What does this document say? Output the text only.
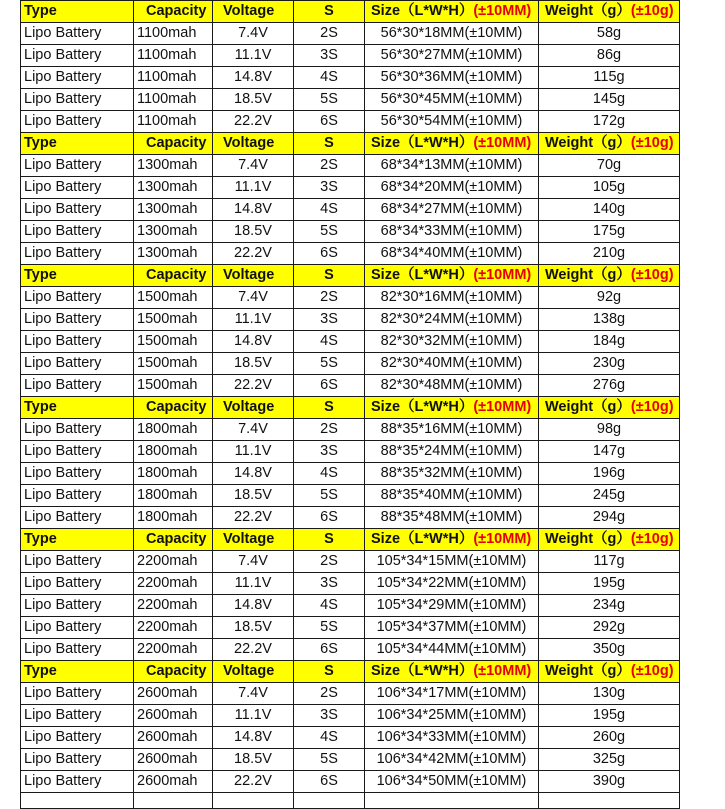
Type	Capacity	Voltage	S	Size（L*W*H）(±10MM)	Weight（g）(±10g)
Lipo Battery	1100mah	7.4V	2S	56*30*18MM(±10MM)	58g
Lipo Battery	1100mah	11.1V	3S	56*30*27MM(±10MM)	86g
Lipo Battery	1100mah	14.8V	4S	56*30*36MM(±10MM)	115g
Lipo Battery	1100mah	18.5V	5S	56*30*45MM(±10MM)	145g
Lipo Battery	1100mah	22.2V	6S	56*30*54MM(±10MM)	172g
Type	Capacity	Voltage	S	Size（L*W*H）(±10MM)	Weight（g）(±10g)
Lipo Battery	1300mah	7.4V	2S	68*34*13MM(±10MM)	70g
Lipo Battery	1300mah	11.1V	3S	68*34*20MM(±10MM)	105g
Lipo Battery	1300mah	14.8V	4S	68*34*27MM(±10MM)	140g
Lipo Battery	1300mah	18.5V	5S	68*34*33MM(±10MM)	175g
Lipo Battery	1300mah	22.2V	6S	68*34*40MM(±10MM)	210g
Type	Capacity	Voltage	S	Size（L*W*H）(±10MM)	Weight（g）(±10g)
Lipo Battery	1500mah	7.4V	2S	82*30*16MM(±10MM)	92g
Lipo Battery	1500mah	11.1V	3S	82*30*24MM(±10MM)	138g
Lipo Battery	1500mah	14.8V	4S	82*30*32MM(±10MM)	184g
Lipo Battery	1500mah	18.5V	5S	82*30*40MM(±10MM)	230g
Lipo Battery	1500mah	22.2V	6S	82*30*48MM(±10MM)	276g
Type	Capacity	Voltage	S	Size（L*W*H）(±10MM)	Weight（g）(±10g)
Lipo Battery	1800mah	7.4V	2S	88*35*16MM(±10MM)	98g
Lipo Battery	1800mah	11.1V	3S	88*35*24MM(±10MM)	147g
Lipo Battery	1800mah	14.8V	4S	88*35*32MM(±10MM)	196g
Lipo Battery	1800mah	18.5V	5S	88*35*40MM(±10MM)	245g
Lipo Battery	1800mah	22.2V	6S	88*35*48MM(±10MM)	294g
Type	Capacity	Voltage	S	Size（L*W*H）(±10MM)	Weight（g）(±10g)
Lipo Battery	2200mah	7.4V	2S	105*34*15MM(±10MM)	117g
Lipo Battery	2200mah	11.1V	3S	105*34*22MM(±10MM)	195g
Lipo Battery	2200mah	14.8V	4S	105*34*29MM(±10MM)	234g
Lipo Battery	2200mah	18.5V	5S	105*34*37MM(±10MM)	292g
Lipo Battery	2200mah	22.2V	6S	105*34*44MM(±10MM)	350g
Type	Capacity	Voltage	S	Size（L*W*H）(±10MM)	Weight（g）(±10g)
Lipo Battery	2600mah	7.4V	2S	106*34*17MM(±10MM)	130g
Lipo Battery	2600mah	11.1V	3S	106*34*25MM(±10MM)	195g
Lipo Battery	2600mah	14.8V	4S	106*34*33MM(±10MM)	260g
Lipo Battery	2600mah	18.5V	5S	106*34*42MM(±10MM)	325g
Lipo Battery	2600mah	22.2V	6S	106*34*50MM(±10MM)	390g
